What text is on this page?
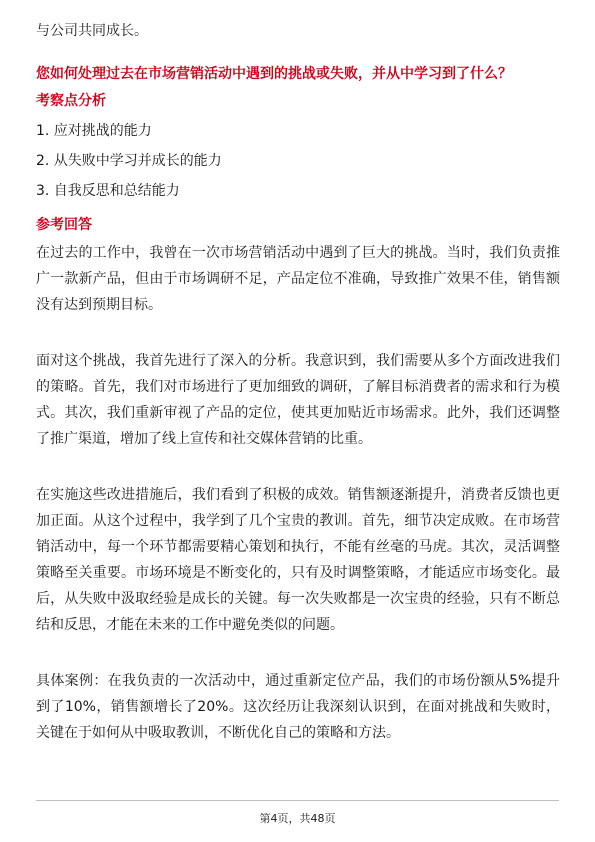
与公司共同成长。

您如何处理过去在市场营销活动中遇到的挑战或失败，并从中学习到了什么？

考察点分析
1. 应对挑战的能力
2. 从失败中学习并成长的能力
3. 自我反思和总结能力
参考回答

在过去的工作中，我曾在一次市场营销活动中遇到了巨大的挑战。当时，我们负责推广一款新产品，但由于市场调研不足，产品定位不准确，导致推广效果不佳，销售额没有达到预期目标。

面对这个挑战，我首先进行了深入的分析。我意识到，我们需要从多个方面改进我们的策略。首先，我们对市场进行了更加细致的调研，了解目标消费者的需求和行为模式。其次，我们重新审视了产品的定位，使其更加贴近市场需求。此外，我们还调整了推广渠道，增加了线上宣传和社交媒体营销的比重。

在实施这些改进措施后，我们看到了积极的成效。销售额逐渐提升，消费者反馈也更加正面。从这个过程中，我学到了几个宝贵的教训。首先，细节决定成败。在市场营销活动中，每一个环节都需要精心策划和执行，不能有丝毫的马虎。其次，灵活调整策略至关重要。市场环境是不断变化的，只有及时调整策略，才能适应市场变化。最后，从失败中汲取经验是成长的关键。每一次失败都是一次宝贵的经验，只有不断总结和反思，才能在未来的工作中避免类似的问题。

具体案例：在我负责的一次活动中，通过重新定位产品，我们的市场份额从5%提升到了10%，销售额增长了20%。这次经历让我深刻认识到，在面对挑战和失败时，关键在于如何从中吸取教训，不断优化自己的策略和方法。

第4页，共48页
